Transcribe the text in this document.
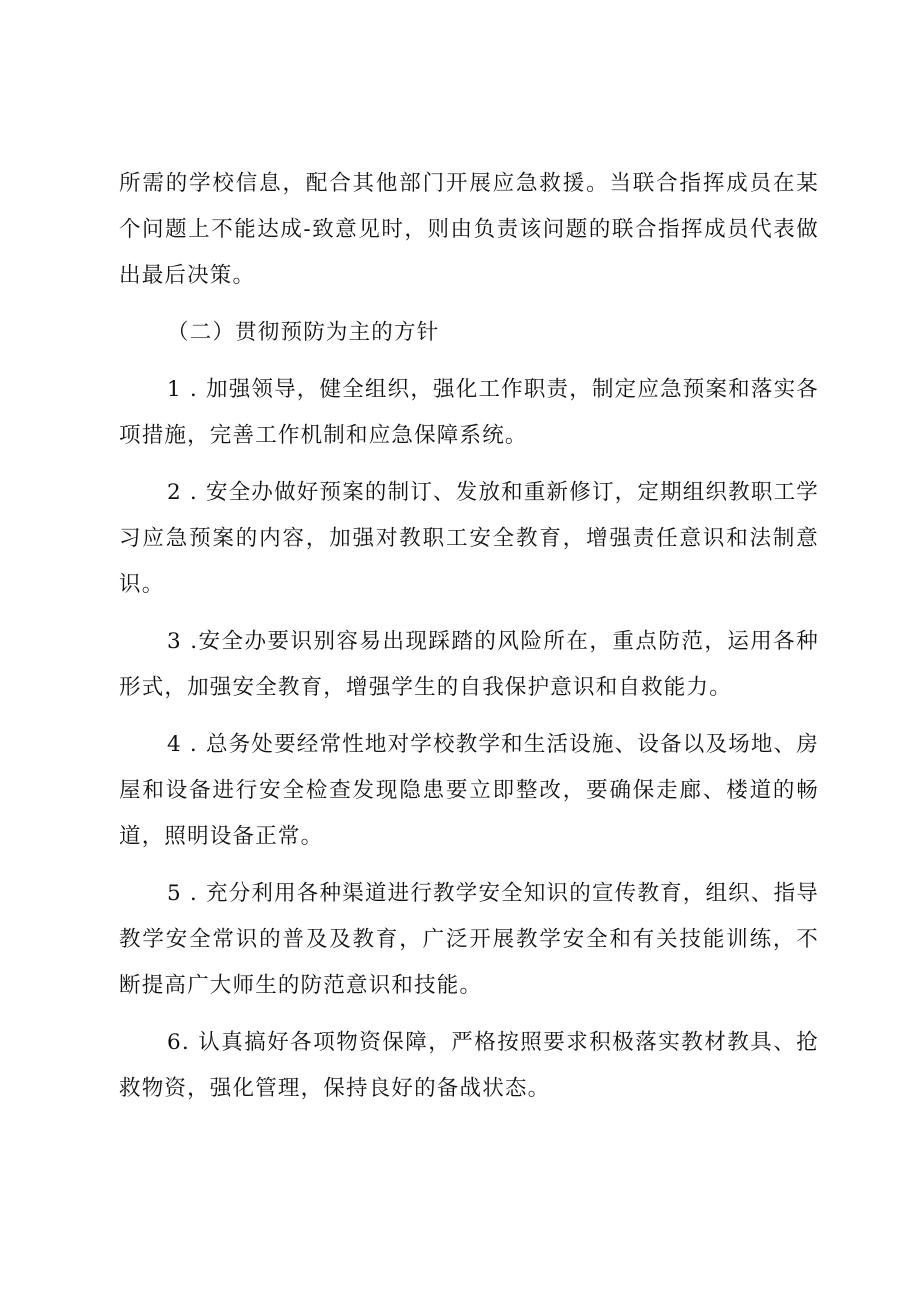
所需的学校信息，配合其他部门开展应急救援。当联合指挥成员在某个问题上不能达成-致意见时，则由负责该问题的联合指挥成员代表做出最后决策。

（二）贯彻预防为主的方针

1 . 加强领导，健全组织，强化工作职责，制定应急预案和落实各项措施，完善工作机制和应急保障系统。

2 . 安全办做好预案的制订、发放和重新修订，定期组织教职工学习应急预案的内容，加强对教职工安全教育，增强责任意识和法制意识。

3 .安全办要识别容易出现踩踏的风险所在，重点防范，运用各种形式，加强安全教育，增强学生的自我保护意识和自救能力。

4 . 总务处要经常性地对学校教学和生活设施、设备以及场地、房屋和设备进行安全检查发现隐患要立即整改，要确保走廊、楼道的畅道，照明设备正常。

5 . 充分利用各种渠道进行教学安全知识的宣传教育，组织、指导教学安全常识的普及及教育，广泛开展教学安全和有关技能训练，不断提高广大师生的防范意识和技能。

6. 认真搞好各项物资保障，严格按照要求积极落实教材教具、抢救物资，强化管理，保持良好的备战状态。
